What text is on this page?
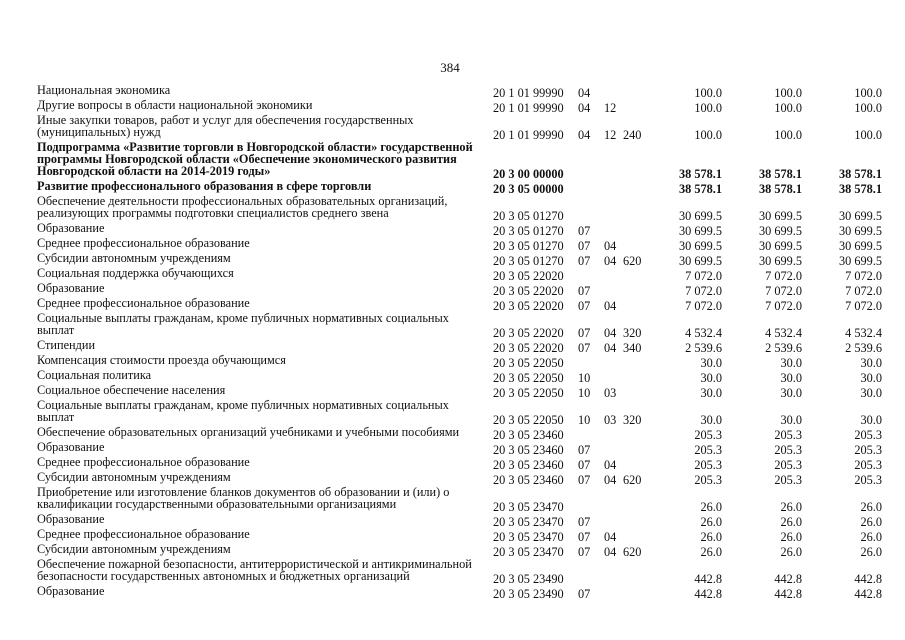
384
Национальная экономика	20 1 01 99990 04	100.0	100.0	100.0
Другие вопросы в области национальной экономики	20 1 01 99990 04 12	100.0	100.0	100.0
Иные закупки товаров, работ и услуг для обеспечения государственных (муниципальных) нужд	20 1 01 99990 04 12 240	100.0	100.0	100.0
Подпрограмма «Развитие торговли в Новгородской области» государственной программы Новгородской области «Обеспечение экономического развития Новгородской области на 2014-2019 годы»	20 3 00 00000	38 578.1	38 578.1	38 578.1
Развитие профессионального образования в сфере торговли	20 3 05 00000	38 578.1	38 578.1	38 578.1
Обеспечение деятельности профессиональных образовательных организаций, реализующих программы подготовки специалистов среднего звена	20 3 05 01270	30 699.5	30 699.5	30 699.5
Образование	20 3 05 01270 07	30 699.5	30 699.5	30 699.5
Среднее профессиональное образование	20 3 05 01270 07 04	30 699.5	30 699.5	30 699.5
Субсидии автономным учреждениям	20 3 05 01270 07 04 620	30 699.5	30 699.5	30 699.5
Социальная поддержка обучающихся	20 3 05 22020	7 072.0	7 072.0	7 072.0
Образование	20 3 05 22020 07	7 072.0	7 072.0	7 072.0
Среднее профессиональное образование	20 3 05 22020 07 04	7 072.0	7 072.0	7 072.0
Социальные выплаты гражданам, кроме публичных нормативных социальных выплат	20 3 05 22020 07 04 320	4 532.4	4 532.4	4 532.4
Стипендии	20 3 05 22020 07 04 340	2 539.6	2 539.6	2 539.6
Компенсация стоимости проезда обучающимся	20 3 05 22050	30.0	30.0	30.0
Социальная политика	20 3 05 22050 10	30.0	30.0	30.0
Социальное обеспечение населения	20 3 05 22050 10 03	30.0	30.0	30.0
Социальные выплаты гражданам, кроме публичных нормативных социальных выплат	20 3 05 22050 10 03 320	30.0	30.0	30.0
Обеспечение образовательных организаций учебниками и учебными пособиями	20 3 05 23460	205.3	205.3	205.3
Образование	20 3 05 23460 07	205.3	205.3	205.3
Среднее профессиональное образование	20 3 05 23460 07 04	205.3	205.3	205.3
Субсидии автономным учреждениям	20 3 05 23460 07 04 620	205.3	205.3	205.3
Приобретение или изготовление бланков документов об образовании и (или) о квалификации государственными образовательными организациями	20 3 05 23470	26.0	26.0	26.0
Образование	20 3 05 23470 07	26.0	26.0	26.0
Среднее профессиональное образование	20 3 05 23470 07 04	26.0	26.0	26.0
Субсидии автономным учреждениям	20 3 05 23470 07 04 620	26.0	26.0	26.0
Обеспечение пожарной безопасности, антитеррористической и антикриминальной безопасности государственных автономных и бюджетных организаций	20 3 05 23490	442.8	442.8	442.8
Образование	20 3 05 23490 07	442.8	442.8	442.8
